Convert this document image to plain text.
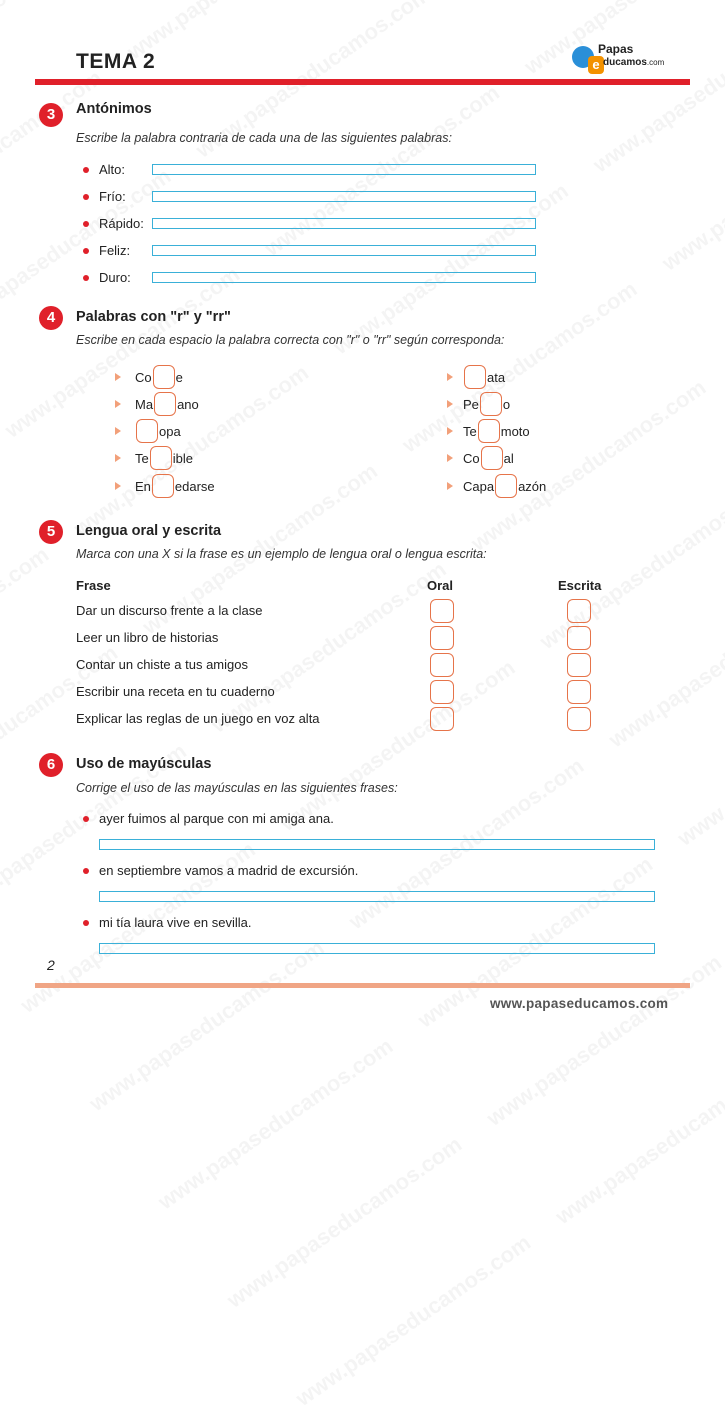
TEMA 2	e
Papas
ducamos.com
3	Antónimos
Escribe la palabra contraria de cada una de las siguientes palabras:
Alto:
Frío:
Rápido:
Feliz:
Duro:
4	Palabras con "r" y "rr"
Escribe en cada espacio la palabra correcta con "r" o "rr" según corresponda:
Co e
Ma ano
opa
Te ible
En edarse
ata
Pe o
Te moto
Co al
Capa azón
5	Lengua oral y escrita
Marca con una X si la frase es un ejemplo de lengua oral o lengua escrita:
Frase	Oral	Escrita
Dar un discurso frente a la clase
Leer un libro de historias
Contar un chiste a tus amigos
Escribir una receta en tu cuaderno
Explicar las reglas de un juego en voz alta
6	Uso de mayúsculas
Corrige el uso de las mayúsculas en las siguientes frases:
ayer fuimos al parque con mi amiga ana.
en septiembre vamos a madrid de excursión.
mi tía laura vive en sevilla.
2
www.papaseducamos.com
